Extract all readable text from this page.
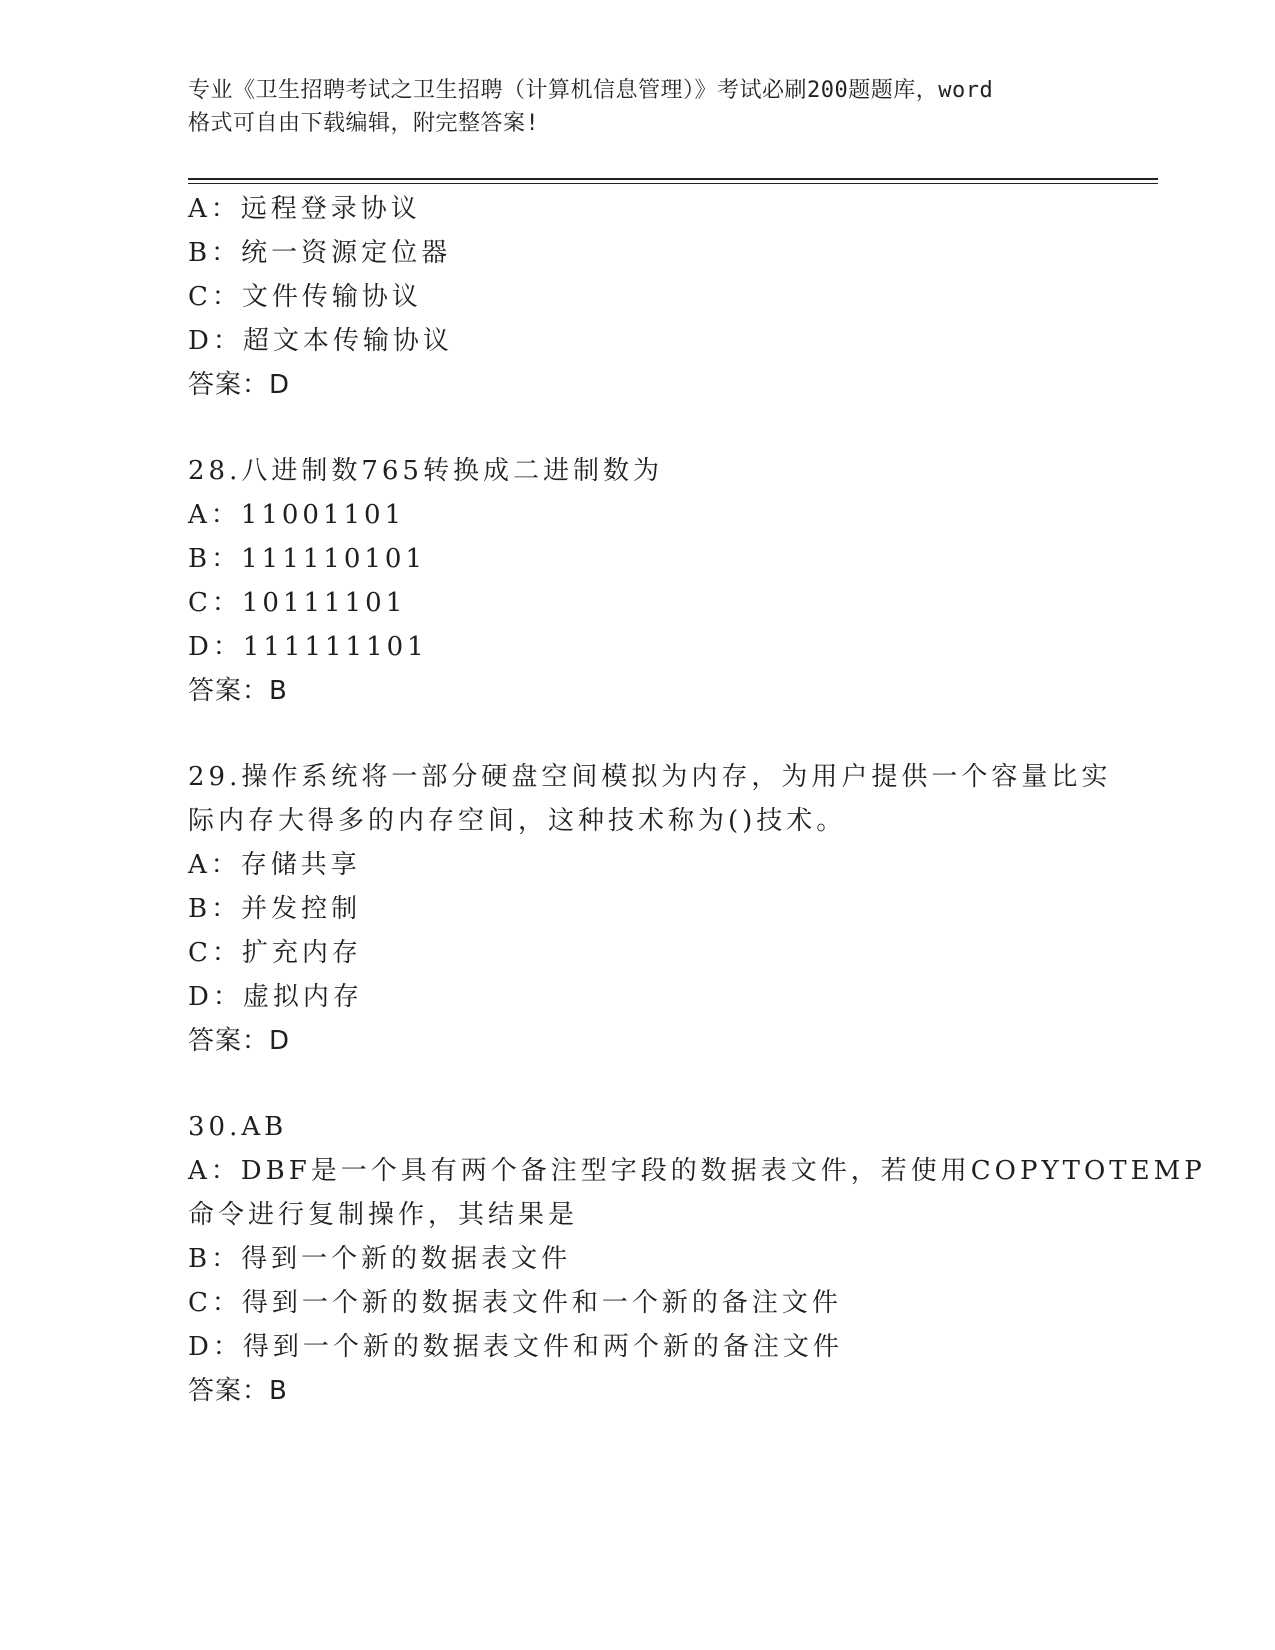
专业《卫生招聘考试之卫生招聘（计算机信息管理）》考试必刷200题题库，word
格式可自由下载编辑，附完整答案!
A：远程登录协议
B：统一资源定位器
C：文件传输协议
D：超文本传输协议
答案：D
28.八进制数765转换成二进制数为
A：11001101
B：111110101
C：10111101
D：111111101
答案：B
29.操作系统将一部分硬盘空间模拟为内存，为用户提供一个容量比实
际内存大得多的内存空间，这种技术称为()技术。
A：存储共享
B：并发控制
C：扩充内存
D：虚拟内存
答案：D
30.AB
A：DBF是一个具有两个备注型字段的数据表文件，若使用COPYTOTEMP
命令进行复制操作，其结果是
B：得到一个新的数据表文件
C：得到一个新的数据表文件和一个新的备注文件
D：得到一个新的数据表文件和两个新的备注文件
答案：B
